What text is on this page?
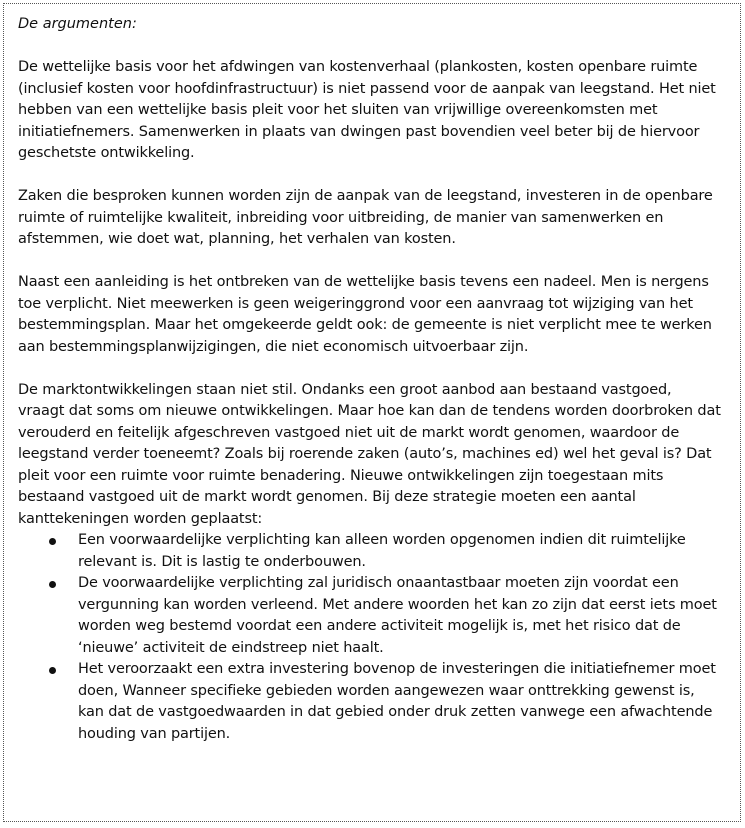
De argumenten:

De wettelijke basis voor het afdwingen van kostenverhaal (plankosten, kosten openbare ruimte (inclusief kosten voor hoofdinfrastructuur) is niet passend voor de aanpak van leegstand. Het niet hebben van een wettelijke basis pleit voor het sluiten van vrijwillige overeenkomsten met initiatiefnemers. Samenwerken in plaats van dwingen past bovendien veel beter bij de hiervoor geschetste ontwikkeling.

Zaken die besproken kunnen worden zijn de aanpak van de leegstand, investeren in de openbare ruimte of ruimtelijke kwaliteit, inbreiding voor uitbreiding, de manier van samenwerken en afstemmen, wie doet wat, planning, het verhalen van kosten.

Naast een aanleiding is het ontbreken van de wettelijke basis tevens een nadeel. Men is nergens toe verplicht. Niet meewerken is geen weigeringgrond voor een aanvraag tot wijziging van het bestemmingsplan. Maar het omgekeerde geldt ook: de gemeente is niet verplicht mee te werken aan bestemmingsplanwijzigingen, die niet economisch uitvoerbaar zijn.

De marktontwikkelingen staan niet stil. Ondanks een groot aanbod aan bestaand vastgoed, vraagt dat soms om nieuwe ontwikkelingen. Maar hoe kan dan de tendens worden doorbroken dat verouderd en feitelijk afgeschreven vastgoed niet uit de markt wordt genomen, waardoor de leegstand verder toeneemt? Zoals bij roerende zaken (auto’s, machines ed) wel het geval is? Dat pleit voor een ruimte voor ruimte benadering. Nieuwe ontwikkelingen zijn toegestaan mits bestaand vastgoed uit de markt wordt genomen. Bij deze strategie moeten een aantal kanttekeningen worden geplaatst:

Een voorwaardelijke verplichting kan alleen worden opgenomen indien dit ruimtelijke relevant is. Dit is lastig te onderbouwen.
De voorwaardelijke verplichting zal juridisch onaantastbaar moeten zijn voordat een vergunning kan worden verleend. Met andere woorden het kan zo zijn dat eerst iets moet worden weg bestemd voordat een andere activiteit mogelijk is, met het risico dat de ‘nieuwe’ activiteit de eindstreep niet haalt.
Het veroorzaakt een extra investering bovenop de investeringen die initiatiefnemer moet doen, Wanneer specifieke gebieden worden aangewezen waar onttrekking gewenst is, kan dat de vastgoedwaarden in dat gebied onder druk zetten vanwege een afwachtende houding van partijen.
